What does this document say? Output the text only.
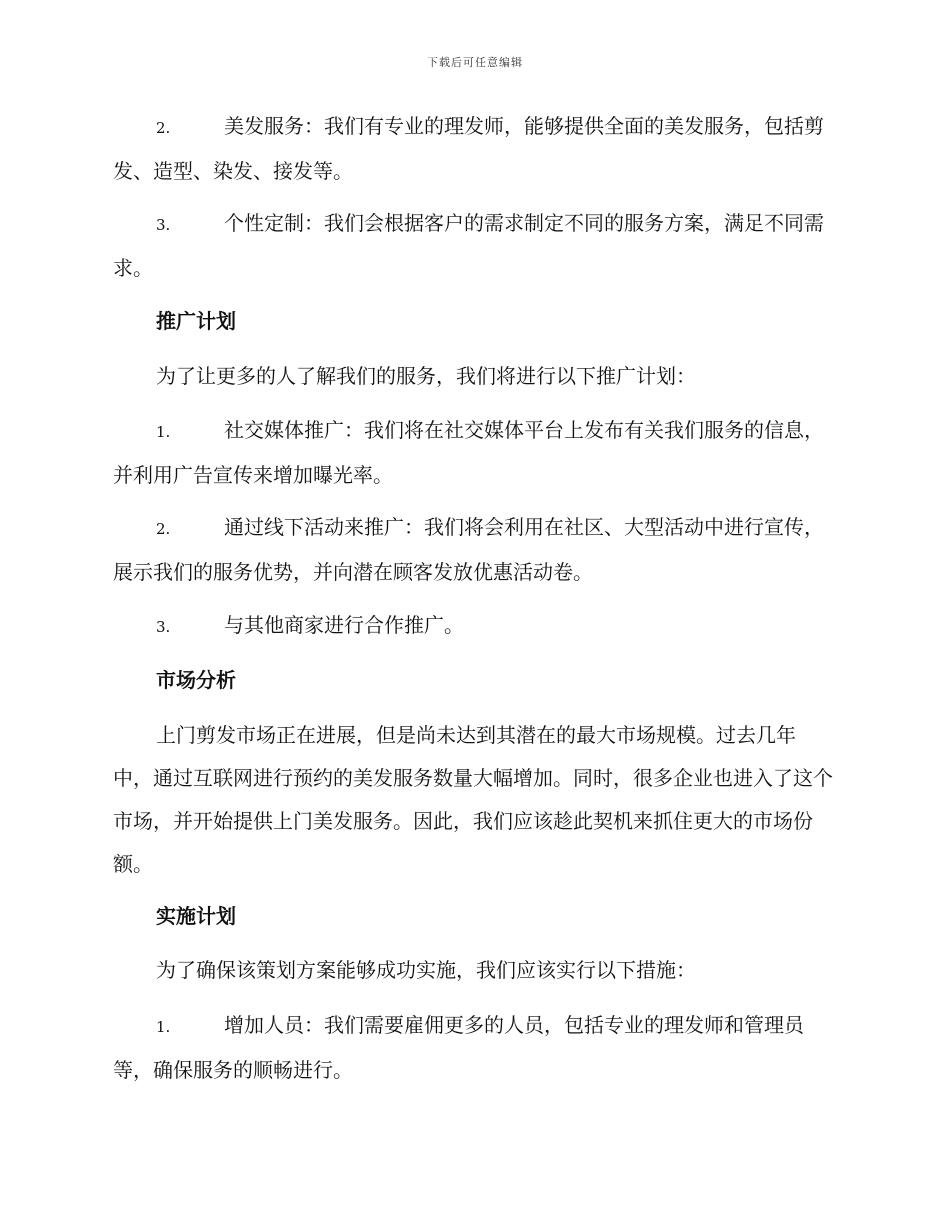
下载后可任意编辑
2.	美发服务：我们有专业的理发师，能够提供全面的美发服务，包括剪发、造型、染发、接发等。
3.	个性定制：我们会根据客户的需求制定不同的服务方案，满足不同需求。
推广计划
为了让更多的人了解我们的服务，我们将进行以下推广计划：
1.	社交媒体推广：我们将在社交媒体平台上发布有关我们服务的信息，并利用广告宣传来增加曝光率。
2.	通过线下活动来推广：我们将会利用在社区、大型活动中进行宣传，展示我们的服务优势，并向潜在顾客发放优惠活动卷。
3.	与其他商家进行合作推广。
市场分析
上门剪发市场正在进展，但是尚未达到其潜在的最大市场规模。过去几年中，通过互联网进行预约的美发服务数量大幅增加。同时，很多企业也进入了这个市场，并开始提供上门美发服务。因此，我们应该趁此契机来抓住更大的市场份额。
实施计划
为了确保该策划方案能够成功实施，我们应该实行以下措施：
1.	增加人员：我们需要雇佣更多的人员，包括专业的理发师和管理员等，确保服务的顺畅进行。
